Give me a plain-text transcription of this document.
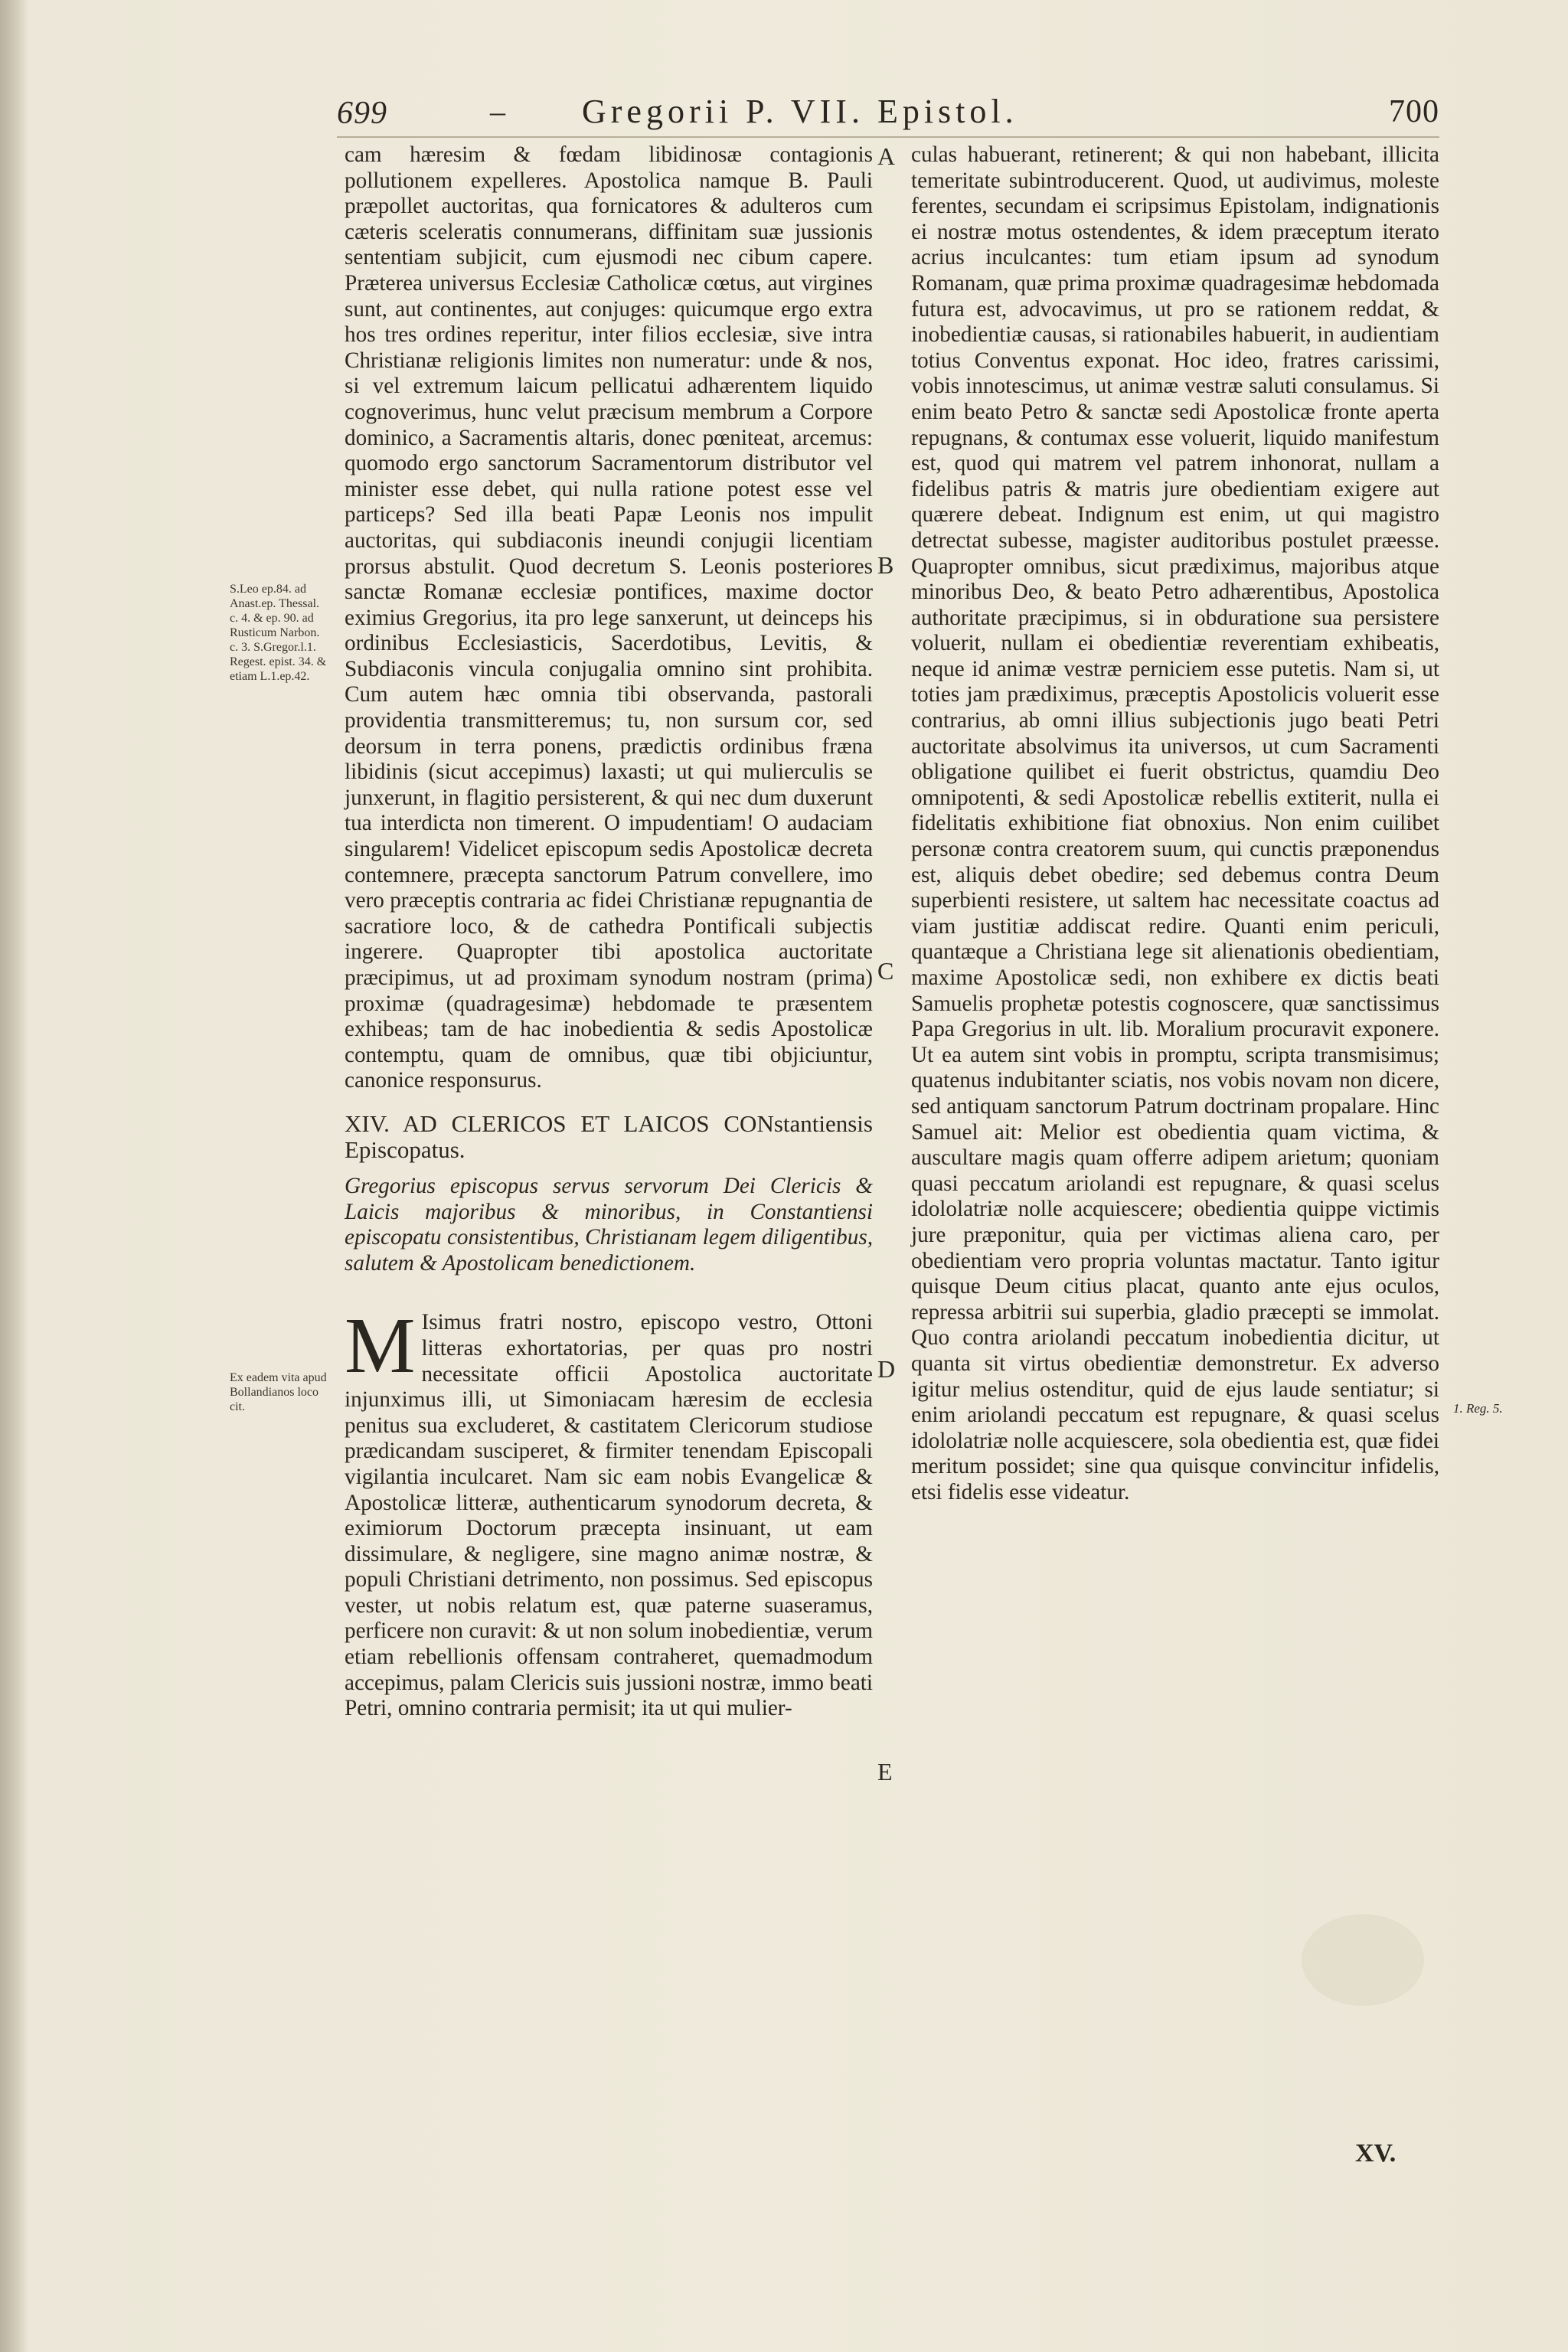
699	– Gregorii P. VII. Epistol.	700
S.Leo ep.84. ad Anast.ep. Thessal. c. 4. & ep. 90. ad Rusticum Narbon. c. 3. S.Gregor.l.1. Regest. epist. 34. & etiam L.1.ep.42.
Ex eadem vita apud Bollandianos loco cit.	1. Reg. 5.
A
B
C
D
E

cam hæresim & fœdam libidinosæ contagionis pollutionem expelleres. Apostolica namque B. Pauli præpollet auctoritas, qua fornicatores & adulteros cum cæteris sceleratis connumerans, diffinitam suæ jussionis sententiam subjicit, cum ejusmodi nec cibum capere. Præterea universus Ecclesiæ Catholicæ cœtus, aut virgines sunt, aut continentes, aut conjuges: quicumque ergo extra hos tres ordines reperitur, inter filios ecclesiæ, sive intra Christianæ religionis limites non numeratur: unde & nos, si vel extremum laicum pellicatui adhærentem liquido cognoverimus, hunc velut præcisum membrum a Corpore dominico, a Sacramentis altaris, donec pœniteat, arcemus: quomodo ergo sanctorum Sacramentorum distributor vel minister esse debet, qui nulla ratione potest esse vel particeps? Sed illa beati Papæ Leonis nos impulit auctoritas, qui subdiaconis ineundi conjugii licentiam prorsus abstulit. Quod decretum S. Leonis posteriores sanctæ Romanæ ecclesiæ pontifices, maxime doctor eximius Gregorius, ita pro lege sanxerunt, ut deinceps his ordinibus Ecclesiasticis, Sacerdotibus, Levitis, & Subdiaconis vincula conjugalia omnino sint prohibita. Cum autem hæc omnia tibi observanda, pastorali providentia transmitteremus; tu, non sursum cor, sed deorsum in terra ponens, prædictis ordinibus fræna libidinis (sicut accepimus) laxasti; ut qui mulierculis se junxerunt, in flagitio persisterent, & qui nec dum duxerunt tua interdicta non timerent. O impudentiam! O audaciam singularem! Videlicet episcopum sedis Apostolicæ decreta contemnere, præcepta sanctorum Patrum convellere, imo vero præceptis contraria ac fidei Christianæ repugnantia de sacratiore loco, & de cathedra Pontificali subjectis ingerere. Quapropter tibi apostolica auctoritate præcipimus, ut ad proximam synodum nostram (prima) proximæ (quadragesimæ) hebdomade te præsentem exhibeas; tam de hac inobedientia & sedis Apostolicæ contemptu, quam de omnibus, quæ tibi objiciuntur, canonice responsurus.

XIV. AD CLERICOS ET LAICOS CONstantiensis Episcopatus.

Gregorius episcopus servus servorum Dei Clericis & Laicis majoribus & minoribus, in Constantiensi episcopatu consistentibus, Christianam legem diligentibus, salutem & Apostolicam benedictionem.

M Isimus fratri nostro, episcopo vestro, Ottoni litteras exhortatorias, per quas pro nostri necessitate officii Apostolica auctoritate injunximus illi, ut Simoniacam hæresim de ecclesia penitus sua excluderet, & castitatem Clericorum studiose prædicandam susciperet, & firmiter tenendam Episcopali vigilantia inculcaret. Nam sic eam nobis Evangelicæ & Apostolicæ litteræ, authenticarum synodorum decreta, & eximiorum Doctorum præcepta insinuant, ut eam dissimulare, & negligere, sine magno animæ nostræ, & populi Christiani detrimento, non possimus. Sed episcopus vester, ut nobis relatum est, quæ paterne suaseramus, perficere non curavit: & ut non solum inobedientiæ, verum etiam rebellionis offensam contraheret, quemadmodum accepimus, palam Clericis suis jussioni nostræ, immo beati Petri, omnino contraria permisit; ita ut qui mulier-

culas habuerant, retinerent; & qui non habebant, illicita temeritate subintroducerent. Quod, ut audivimus, moleste ferentes, secundam ei scripsimus Epistolam, indignationis ei nostræ motus ostendentes, & idem præceptum iterato acrius inculcantes: tum etiam ipsum ad synodum Romanam, quæ prima proximæ quadragesimæ hebdomada futura est, advocavimus, ut pro se rationem reddat, & inobedientiæ causas, si rationabiles habuerit, in audientiam totius Conventus exponat. Hoc ideo, fratres carissimi, vobis innotescimus, ut animæ vestræ saluti consulamus. Si enim beato Petro & sanctæ sedi Apostolicæ fronte aperta repugnans, & contumax esse voluerit, liquido manifestum est, quod qui matrem vel patrem inhonorat, nullam a fidelibus patris & matris jure obedientiam exigere aut quærere debeat. Indignum est enim, ut qui magistro detrectat subesse, magister auditoribus postulet præesse. Quapropter omnibus, sicut prædiximus, majoribus atque minoribus Deo, & beato Petro adhærentibus, Apostolica authoritate præcipimus, si in obduratione sua persistere voluerit, nullam ei obedientiæ reverentiam exhibeatis, neque id animæ vestræ perniciem esse putetis. Nam si, ut toties jam prædiximus, præceptis Apostolicis voluerit esse contrarius, ab omni illius subjectionis jugo beati Petri auctoritate absolvimus ita universos, ut cum Sacramenti obligatione quilibet ei fuerit obstrictus, quamdiu Deo omnipotenti, & sedi Apostolicæ rebellis extiterit, nulla ei fidelitatis exhibitione fiat obnoxius. Non enim cuilibet personæ contra creatorem suum, qui cunctis præponendus est, aliquis debet obedire; sed debemus contra Deum superbienti resistere, ut saltem hac necessitate coactus ad viam justitiæ addiscat redire. Quanti enim periculi, quantæque a Christiana lege sit alienationis obedientiam, maxime Apostolicæ sedi, non exhibere ex dictis beati Samuelis prophetæ potestis cognoscere, quæ sanctissimus Papa Gregorius in ult. lib. Moralium procuravit exponere. Ut ea autem sint vobis in promptu, scripta transmisimus; quatenus indubitanter sciatis, nos vobis novam non dicere, sed antiquam sanctorum Patrum doctrinam propalare. Hinc Samuel ait: Melior est obedientia quam victima, & auscultare magis quam offerre adipem arietum; quoniam quasi peccatum ariolandi est repugnare, & quasi scelus idololatriæ nolle acquiescere; obedientia quippe victimis jure præponitur, quia per victimas aliena caro, per obedientiam vero propria voluntas mactatur. Tanto igitur quisque Deum citius placat, quanto ante ejus oculos, repressa arbitrii sui superbia, gladio præcepti se immolat. Quo contra ariolandi peccatum inobedientia dicitur, ut quanta sit virtus obedientiæ demonstretur. Ex adverso igitur melius ostenditur, quid de ejus laude sentiatur; si enim ariolandi peccatum est repugnare, & quasi scelus idololatriæ nolle acquiescere, sola obedientia est, quæ fidei meritum possidet; sine qua quisque convincitur infidelis, etsi fidelis esse videatur.

XV.
